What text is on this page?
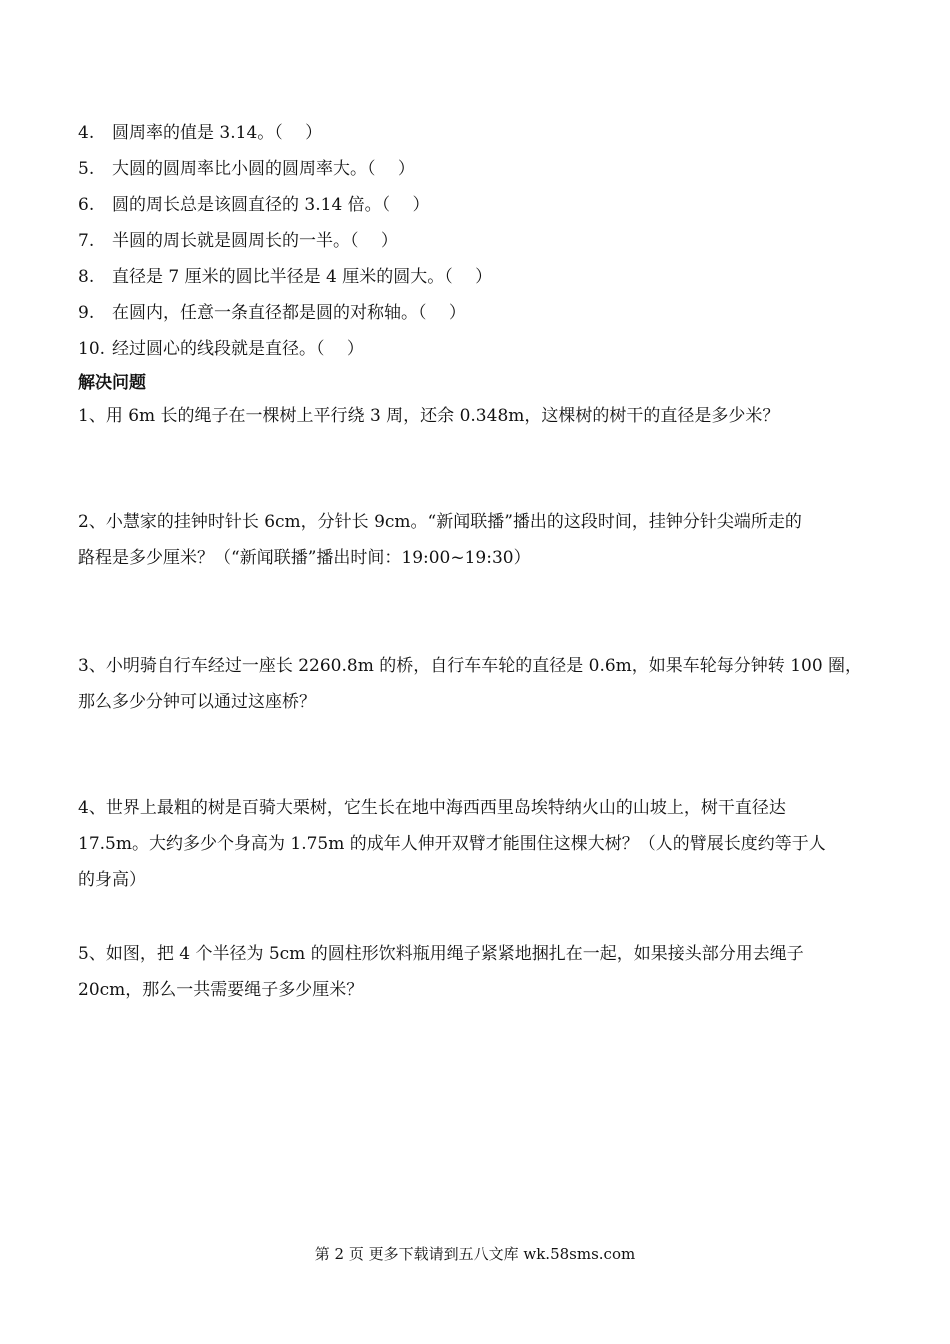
4. 圆周率的值是 3.14。（　 ）
5. 大圆的圆周率比小圆的圆周率大。（　 ）
6. 圆的周长总是该圆直径的 3.14 倍。（　 ）
7. 半圆的周长就是圆周长的一半。（　 ）
8. 直径是 7 厘米的圆比半径是 4 厘米的圆大。（　 ）
9. 在圆内，任意一条直径都是圆的对称轴。（　 ）
10. 经过圆心的线段就是直径。（　 ）
解决问题

1、用 6m 长的绳子在一棵树上平行绕 3 周，还余 0.348m，这棵树的树干的直径是多少米？

2、小慧家的挂钟时针长 6cm，分针长 9cm。“新闻联播”播出的这段时间，挂钟分针尖端所走的

路程是多少厘米？（“新闻联播”播出时间：19:00~19:30）

3、小明骑自行车经过一座长 2260.8m 的桥，自行车车轮的直径是 0.6m，如果车轮每分钟转 100 圈，

那么多少分钟可以通过这座桥？

4、世界上最粗的树是百骑大栗树，它生长在地中海西西里岛埃特纳火山的山坡上，树干直径达

17.5m。大约多少个身高为 1.75m 的成年人伸开双臂才能围住这棵大树？（人的臂展长度约等于人

的身高）

5、如图，把 4 个半径为 5cm 的圆柱形饮料瓶用绳子紧紧地捆扎在一起，如果接头部分用去绳子

20cm，那么一共需要绳子多少厘米？

第 2 页 更多下载请到五八文库 wk.58sms.com
